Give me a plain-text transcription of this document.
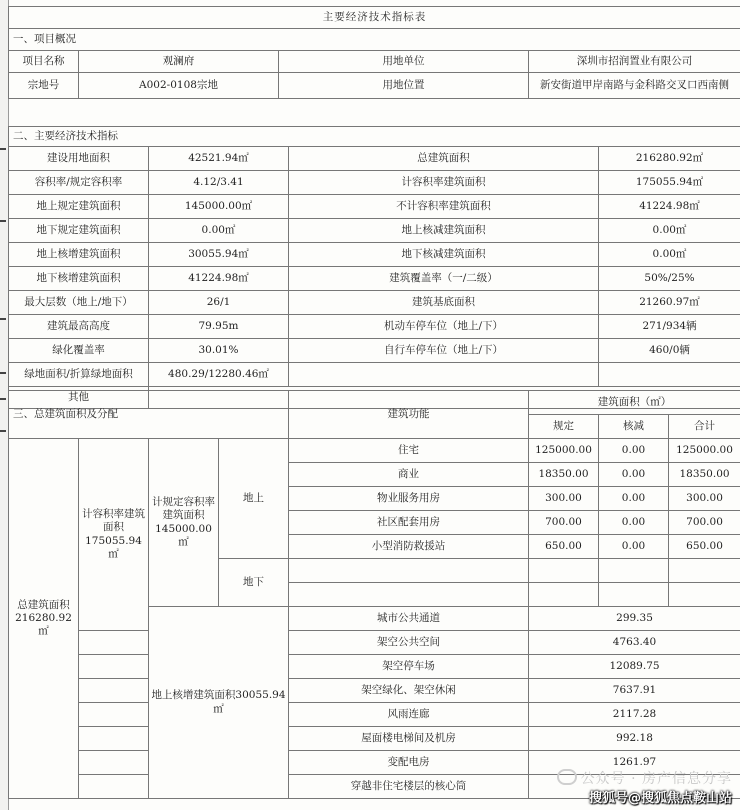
主要经济技术指标表			
一、项目概况			
项目名称	观澜府	用地单位	深圳市招润置业有限公司
宗地号	A002-0108宗地	用地位置	新安街道甲岸南路与金科路交叉口西南侧
二、主要经济技术指标			
建设用地面积	42521.94㎡	总建筑面积	216280.92㎡
容积率/规定容积率	4.12/3.41	计容积率建筑面积	175055.94㎡
地上规定建筑面积	145000.00㎡	不计容积率建筑面积	41224.98㎡
地下规定建筑面积	0.00㎡	地上核减建筑面积	0.00㎡
地上核增建筑面积	30055.94㎡	地下核减建筑面积	0.00㎡
地下核增建筑面积	41224.98㎡	建筑覆盖率（一/二级）	50%/25%
最大层数（地上/地下）	26/1	建筑基底面积	21260.97㎡
建筑最高高度	79.95m	机动车停车位（地上/下）	271/934辆
绿化覆盖率	30.01%	自行车停车位（地上/下）	460/0辆
绿地面积/折算绿地面积	480.29/12280.46㎡		
其他			
三、总建筑面积及分配				建筑功能	建筑面积（㎡）		
					规定	核减	合计
总建筑面积216280.92㎡	计容积率建筑面积175055.94㎡	计规定容积率建筑面积145000.00 ㎡	地上	住宅	125000.00	0.00	125000.00
				商业	18350.00	0.00	18350.00
				物业服务用房	300.00	0.00	300.00
				社区配套用房	700.00	0.00	700.00
				小型消防救援站	650.00	0.00	650.00
			地下				

		地上核增建筑面积30055.94㎡		城市公共通道	299.35		
				架空公共空间	4763.40		
				架空停车场	12089.75		
				架空绿化、架空休闲	7637.91		
				风雨连廊	2117.28		
				屋面楼电梯间及机房	992.18		
				变配电房	1261.97		
				穿越非住宅楼层的核心筒				公众号 · 房产信息分享
搜狐号@搜狐焦点鞍山站
